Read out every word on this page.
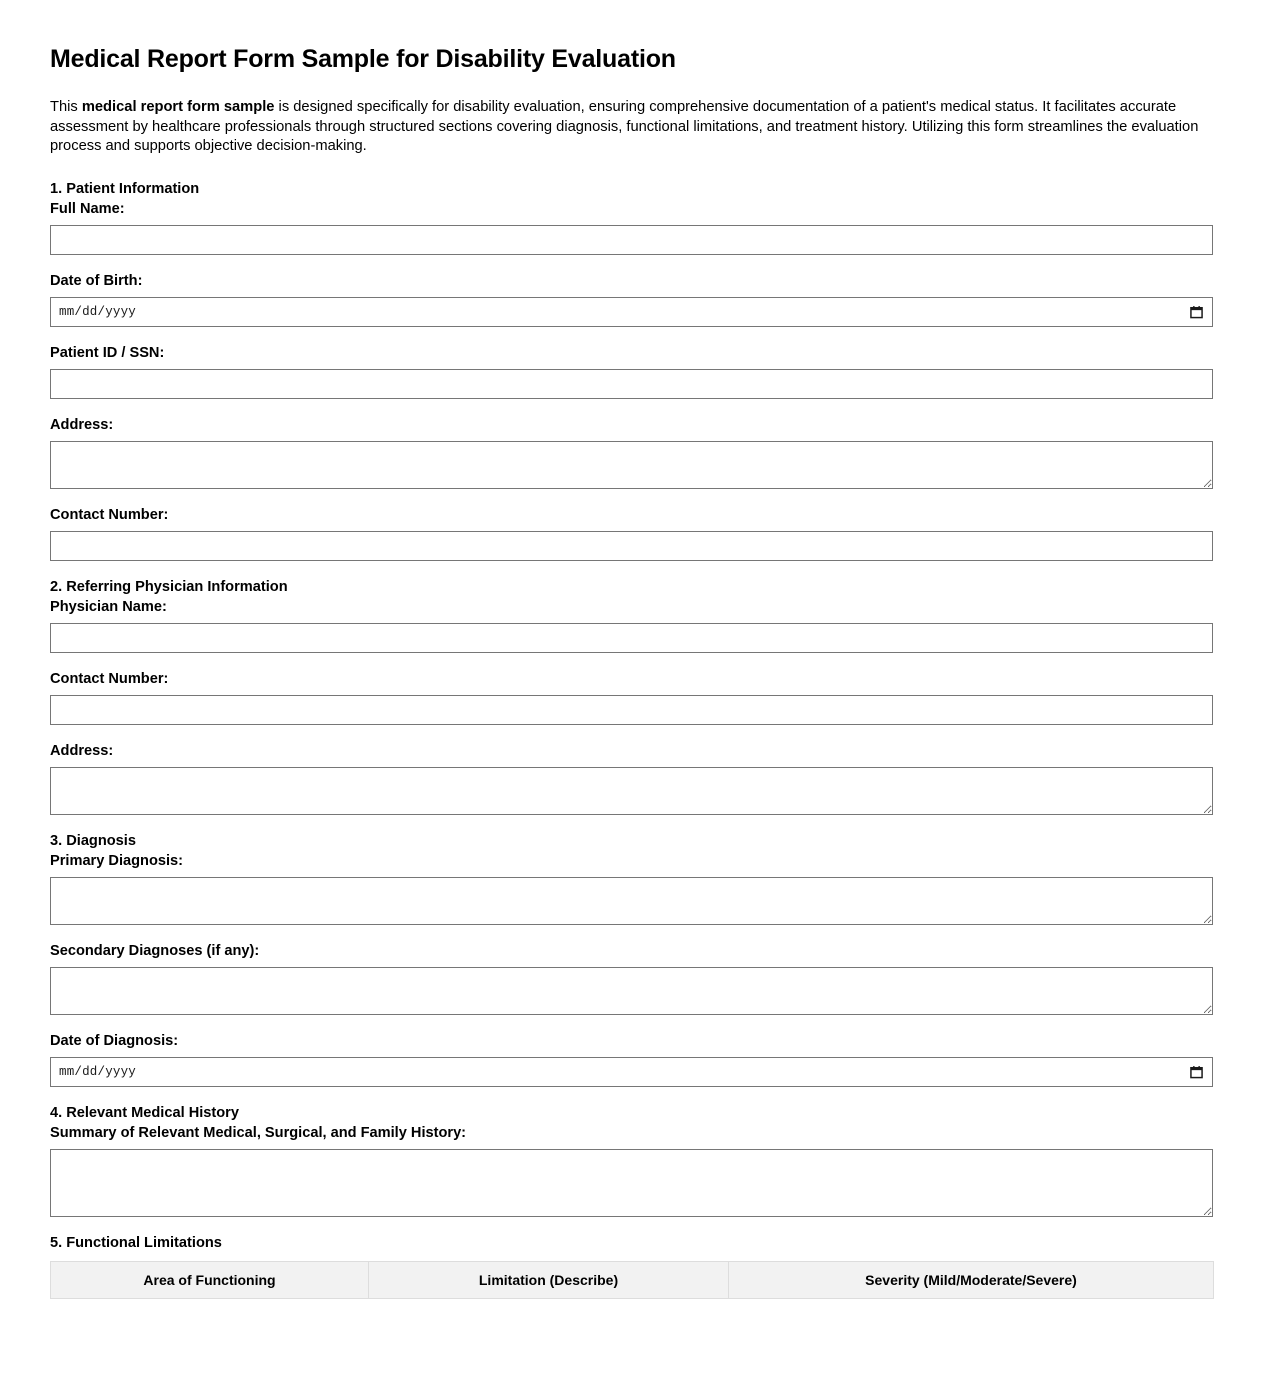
Medical Report Form Sample for Disability Evaluation

This medical report form sample is designed specifically for disability evaluation, ensuring comprehensive documentation of a patient's medical status. It facilitates accurate assessment by healthcare professionals through structured sections covering diagnosis, functional limitations, and treatment history. Utilizing this form streamlines the evaluation process and supports objective decision-making.

1. Patient Information
Full Name:
Date of Birth:
mm/dd/yyyy
Patient ID / SSN:
Address:
Contact Number:
2. Referring Physician Information
Physician Name:
Contact Number:
Address:
3. Diagnosis
Primary Diagnosis:
Secondary Diagnoses (if any):
Date of Diagnosis:
mm/dd/yyyy
4. Relevant Medical History
Summary of Relevant Medical, Surgical, and Family History:
5. Functional Limitations
Area of Functioning	Limitation (Describe)	Severity (Mild/Moderate/Severe)
